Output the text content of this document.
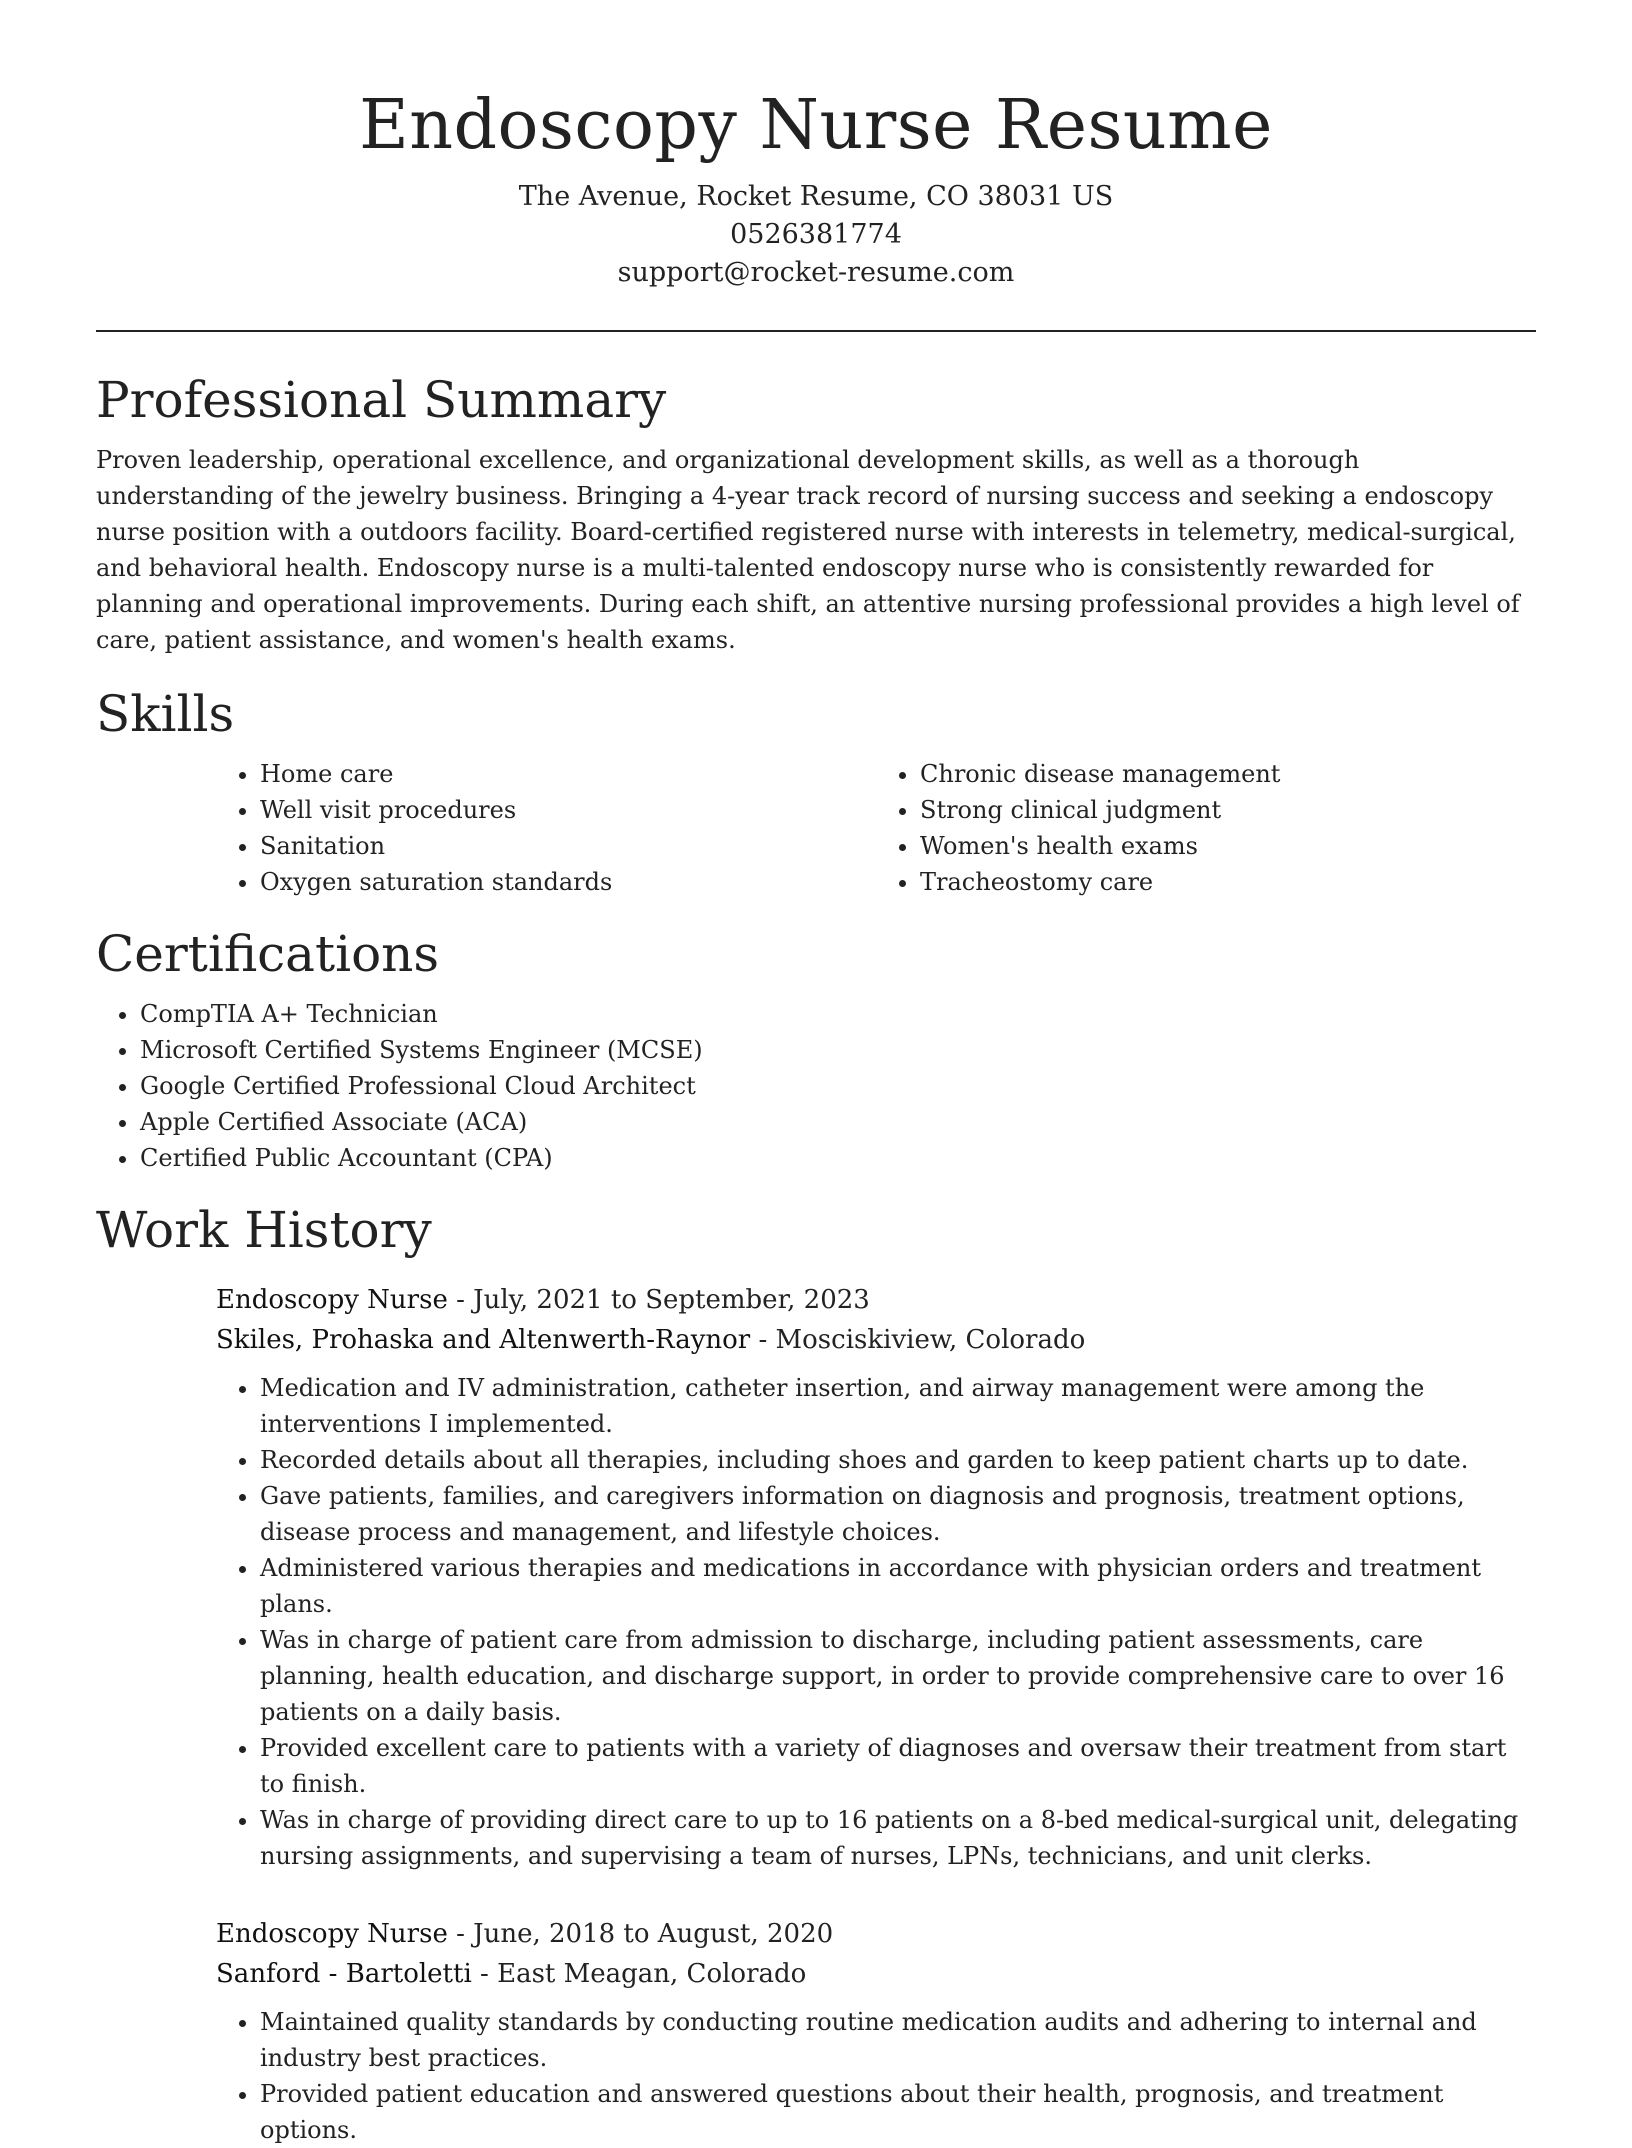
Endoscopy Nurse Resume
The Avenue, Rocket Resume, CO 38031 US
0526381774
support@rocket-resume.com
Professional Summary

Proven leadership, operational excellence, and organizational development skills, as well as a thorough understanding of the jewelry business. Bringing a 4-year track record of nursing success and seeking a endoscopy nurse position with a outdoors facility. Board-certified registered nurse with interests in telemetry, medical-surgical, and behavioral health. Endoscopy nurse is a multi-talented endoscopy nurse who is consistently rewarded for planning and operational improvements. During each shift, an attentive nursing professional provides a high level of care, patient assistance, and women's health exams.

Skills
• Home care
• Well visit procedures
• Sanitation
• Oxygen saturation standards
• Chronic disease management
• Strong clinical judgment
• Women's health exams
• Tracheostomy care
Certifications
• CompTIA A+ Technician
• Microsoft Certified Systems Engineer (MCSE)
• Google Certified Professional Cloud Architect
• Apple Certified Associate (ACA)
• Certified Public Accountant (CPA)
Work History
Endoscopy Nurse - July, 2021 to September, 2023
Skiles, Prohaska and Altenwerth-Raynor - Mosciskiview, Colorado
• Medication and IV administration, catheter insertion, and airway management were among the interventions I implemented.
• Recorded details about all therapies, including shoes and garden to keep patient charts up to date.
• Gave patients, families, and caregivers information on diagnosis and prognosis, treatment options, disease process and management, and lifestyle choices.
• Administered various therapies and medications in accordance with physician orders and treatment plans.
• Was in charge of patient care from admission to discharge, including patient assessments, care planning, health education, and discharge support, in order to provide comprehensive care to over 16 patients on a daily basis.
• Provided excellent care to patients with a variety of diagnoses and oversaw their treatment from start to finish.
• Was in charge of providing direct care to up to 16 patients on a 8-bed medical-surgical unit, delegating nursing assignments, and supervising a team of nurses, LPNs, technicians, and unit clerks.
Endoscopy Nurse - June, 2018 to August, 2020
Sanford - Bartoletti - East Meagan, Colorado
• Maintained quality standards by conducting routine medication audits and adhering to internal and industry best practices.
• Provided patient education and answered questions about their health, prognosis, and treatment options.
